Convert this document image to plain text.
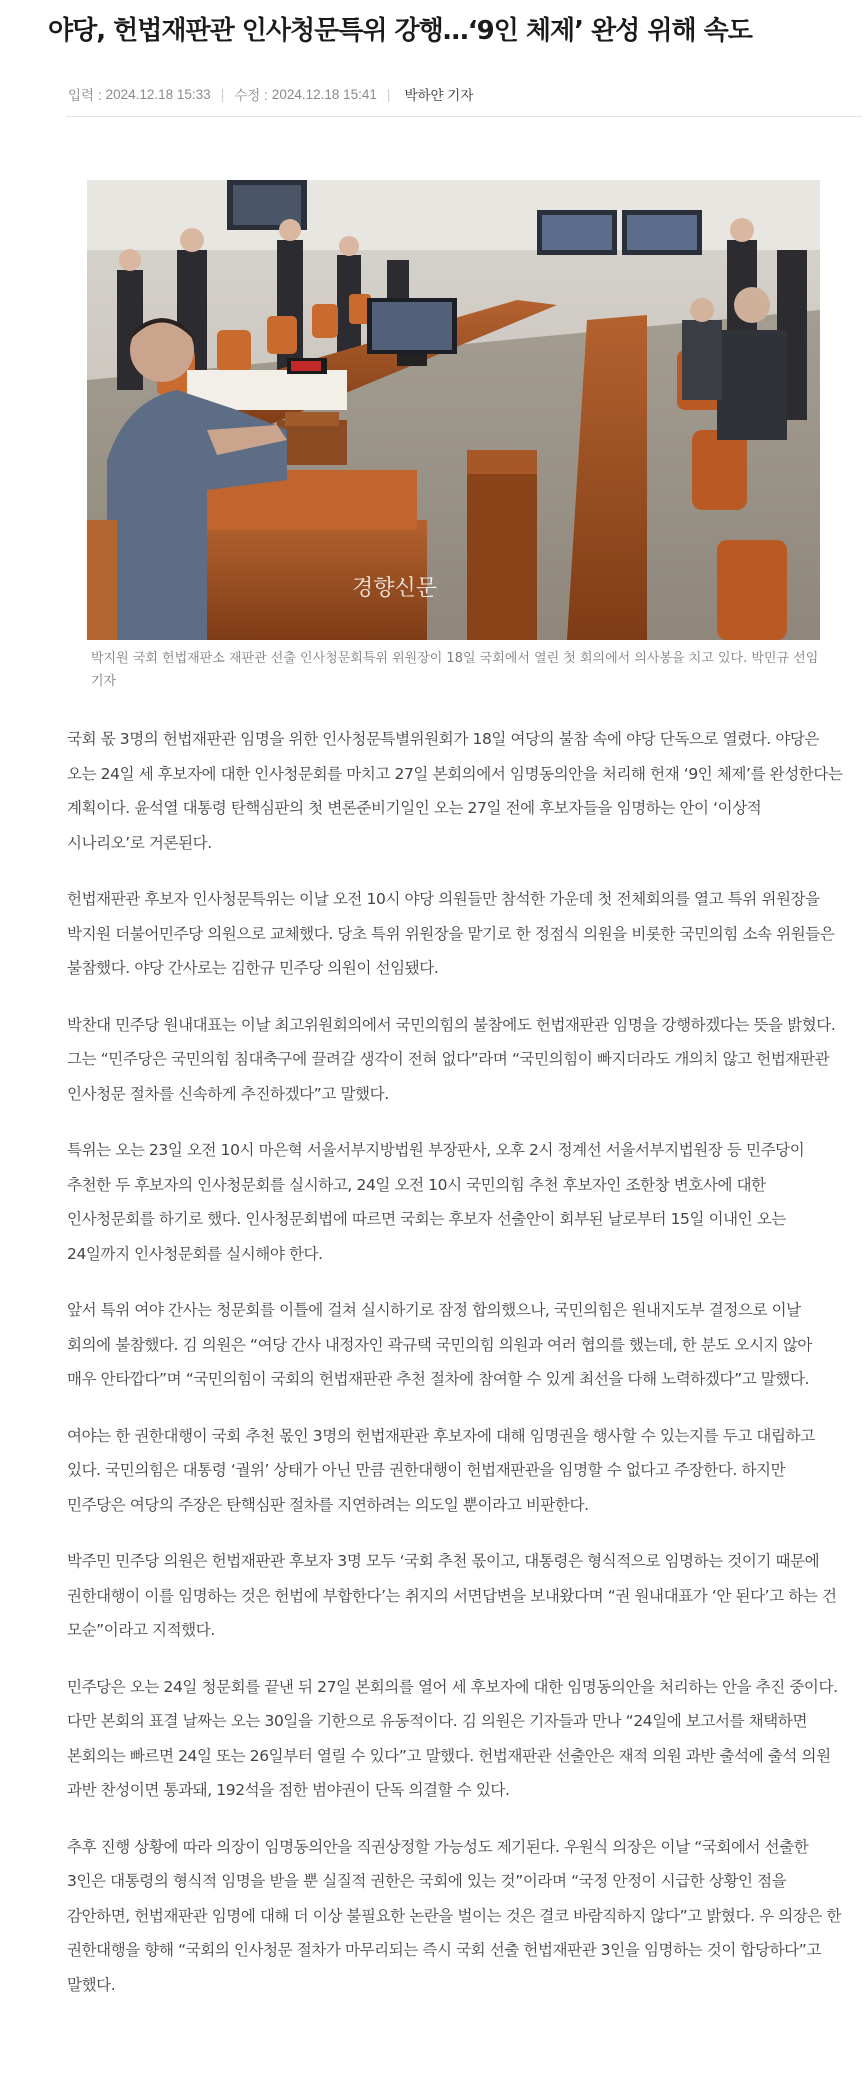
야당, 헌법재판관 인사청문특위 강행…‘9인 체제’ 완성 위해 속도
입력 : 2024.12.18 15:33 | 수정 : 2024.12.18 15:41 | 박하얀 기자
경향신문

박지원 국회 헌법재판소 재판관 선출 인사청문회특위 위원장이 18일 국회에서 열린 첫 회의에서 의사봉을 치고 있다. 박민규 선임기자

국회 몫 3명의 헌법재판관 임명을 위한 인사청문특별위원회가 18일 여당의 불참 속에 야당 단독으로 열렸다. 야당은 오는 24일 세 후보자에 대한 인사청문회를 마치고 27일 본회의에서 임명동의안을 처리해 헌재 ‘9인 체제’를 완성한다는 계획이다. 윤석열 대통령 탄핵심판의 첫 변론준비기일인 오는 27일 전에 후보자들을 임명하는 안이 ‘이상적 시나리오’로 거론된다.

헌법재판관 후보자 인사청문특위는 이날 오전 10시 야당 의원들만 참석한 가운데 첫 전체회의를 열고 특위 위원장을 박지원 더불어민주당 의원으로 교체했다. 당초 특위 위원장을 맡기로 한 정점식 의원을 비롯한 국민의힘 소속 위원들은 불참했다. 야당 간사로는 김한규 민주당 의원이 선임됐다.

박찬대 민주당 원내대표는 이날 최고위원회의에서 국민의힘의 불참에도 헌법재판관 임명을 강행하겠다는 뜻을 밝혔다. 그는 “민주당은 국민의힘 침대축구에 끌려갈 생각이 전혀 없다”라며 “국민의힘이 빠지더라도 개의치 않고 헌법재판관 인사청문 절차를 신속하게 추진하겠다”고 말했다.

특위는 오는 23일 오전 10시 마은혁 서울서부지방법원 부장판사, 오후 2시 정계선 서울서부지법원장 등 민주당이 추천한 두 후보자의 인사청문회를 실시하고, 24일 오전 10시 국민의힘 추천 후보자인 조한창 변호사에 대한 인사청문회를 하기로 했다. 인사청문회법에 따르면 국회는 후보자 선출안이 회부된 날로부터 15일 이내인 오는 24일까지 인사청문회를 실시해야 한다.

앞서 특위 여야 간사는 청문회를 이틀에 걸쳐 실시하기로 잠정 합의했으나, 국민의힘은 원내지도부 결정으로 이날 회의에 불참했다. 김 의원은 “여당 간사 내정자인 곽규택 국민의힘 의원과 여러 협의를 했는데, 한 분도 오시지 않아 매우 안타깝다”며 “국민의힘이 국회의 헌법재판관 추천 절차에 참여할 수 있게 최선을 다해 노력하겠다”고 말했다.

여야는 한 권한대행이 국회 추천 몫인 3명의 헌법재판관 후보자에 대해 임명권을 행사할 수 있는지를 두고 대립하고 있다. 국민의힘은 대통령 ‘궐위’ 상태가 아닌 만큼 권한대행이 헌법재판관을 임명할 수 없다고 주장한다. 하지만 민주당은 여당의 주장은 탄핵심판 절차를 지연하려는 의도일 뿐이라고 비판한다.

박주민 민주당 의원은 헌법재판관 후보자 3명 모두 ‘국회 추천 몫이고, 대통령은 형식적으로 임명하는 것이기 때문에 권한대행이 이를 임명하는 것은 헌법에 부합한다’는 취지의 서면답변을 보내왔다며 “권 원내대표가 ‘안 된다’고 하는 건 모순”이라고 지적했다.

민주당은 오는 24일 청문회를 끝낸 뒤 27일 본회의를 열어 세 후보자에 대한 임명동의안을 처리하는 안을 추진 중이다. 다만 본회의 표결 날짜는 오는 30일을 기한으로 유동적이다. 김 의원은 기자들과 만나 “24일에 보고서를 채택하면 본회의는 빠르면 24일 또는 26일부터 열릴 수 있다”고 말했다. 헌법재판관 선출안은 재적 의원 과반 출석에 출석 의원 과반 찬성이면 통과돼, 192석을 점한 범야권이 단독 의결할 수 있다.

추후 진행 상황에 따라 의장이 임명동의안을 직권상정할 가능성도 제기된다. 우원식 의장은 이날 “국회에서 선출한 3인은 대통령의 형식적 임명을 받을 뿐 실질적 권한은 국회에 있는 것”이라며 “국정 안정이 시급한 상황인 점을 감안하면, 헌법재판관 임명에 대해 더 이상 불필요한 논란을 벌이는 것은 결코 바람직하지 않다”고 밝혔다. 우 의장은 한 권한대행을 향해 “국회의 인사청문 절차가 마무리되는 즉시 국회 선출 헌법재판관 3인을 임명하는 것이 합당하다”고 말했다.
